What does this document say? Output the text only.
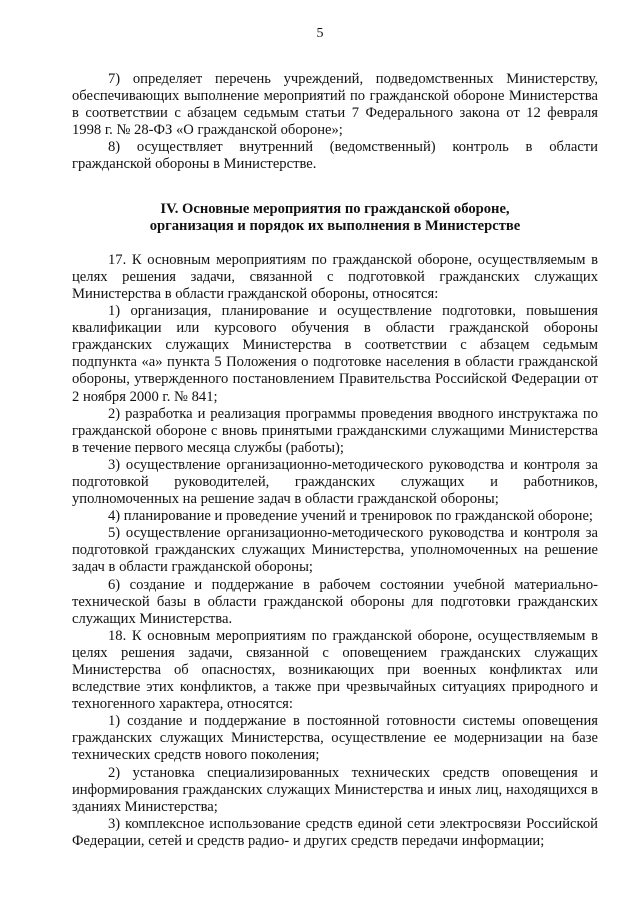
5

7) определяет перечень учреждений, подведомственных Министерству, обеспечивающих выполнение мероприятий по гражданской обороне Министерства в соответствии с абзацем седьмым статьи 7 Федерального закона от 12 февраля 1998 г. № 28-ФЗ «О гражданской обороне»;

8) осуществляет внутренний (ведомственный) контроль в области гражданской обороны в Министерстве.

IV. Основные мероприятия по гражданской обороне,
организация и порядок их выполнения в Министерстве

17. К основным мероприятиям по гражданской обороне, осуществляемым в целях решения задачи, связанной с подготовкой гражданских служащих Министерства в области гражданской обороны, относятся:

1) организация, планирование и осуществление подготовки, повышения квалификации или курсового обучения в области гражданской обороны гражданских служащих Министерства в соответствии с абзацем седьмым подпункта «а» пункта 5 Положения о подготовке населения в области гражданской обороны, утвержденного постановлением Правительства Российской Федерации от 2 ноября 2000 г. № 841;

2) разработка и реализация программы проведения вводного инструктажа по гражданской обороне с вновь принятыми гражданскими служащими Министерства в течение первого месяца службы (работы);

3) осуществление организационно-методического руководства и контроля за подготовкой руководителей, гражданских служащих и работников, уполномоченных на решение задач в области гражданской обороны;

4) планирование и проведение учений и тренировок по гражданской обороне;

5) осуществление организационно-методического руководства и контроля за подготовкой гражданских служащих Министерства, уполномоченных на решение задач в области гражданской обороны;

6) создание и поддержание в рабочем состоянии учебной материально-технической базы в области гражданской обороны для подготовки гражданских служащих Министерства.

18. К основным мероприятиям по гражданской обороне, осуществляемым в целях решения задачи, связанной с оповещением гражданских служащих Министерства об опасностях, возникающих при военных конфликтах или вследствие этих конфликтов, а также при чрезвычайных ситуациях природного и техногенного характера, относятся:

1) создание и поддержание в постоянной готовности системы оповещения гражданских служащих Министерства, осуществление ее модернизации на базе технических средств нового поколения;

2) установка специализированных технических средств оповещения и информирования гражданских служащих Министерства и иных лиц, находящихся в зданиях Министерства;

3) комплексное использование средств единой сети электросвязи Российской Федерации, сетей и средств радио- и других средств передачи информации;
